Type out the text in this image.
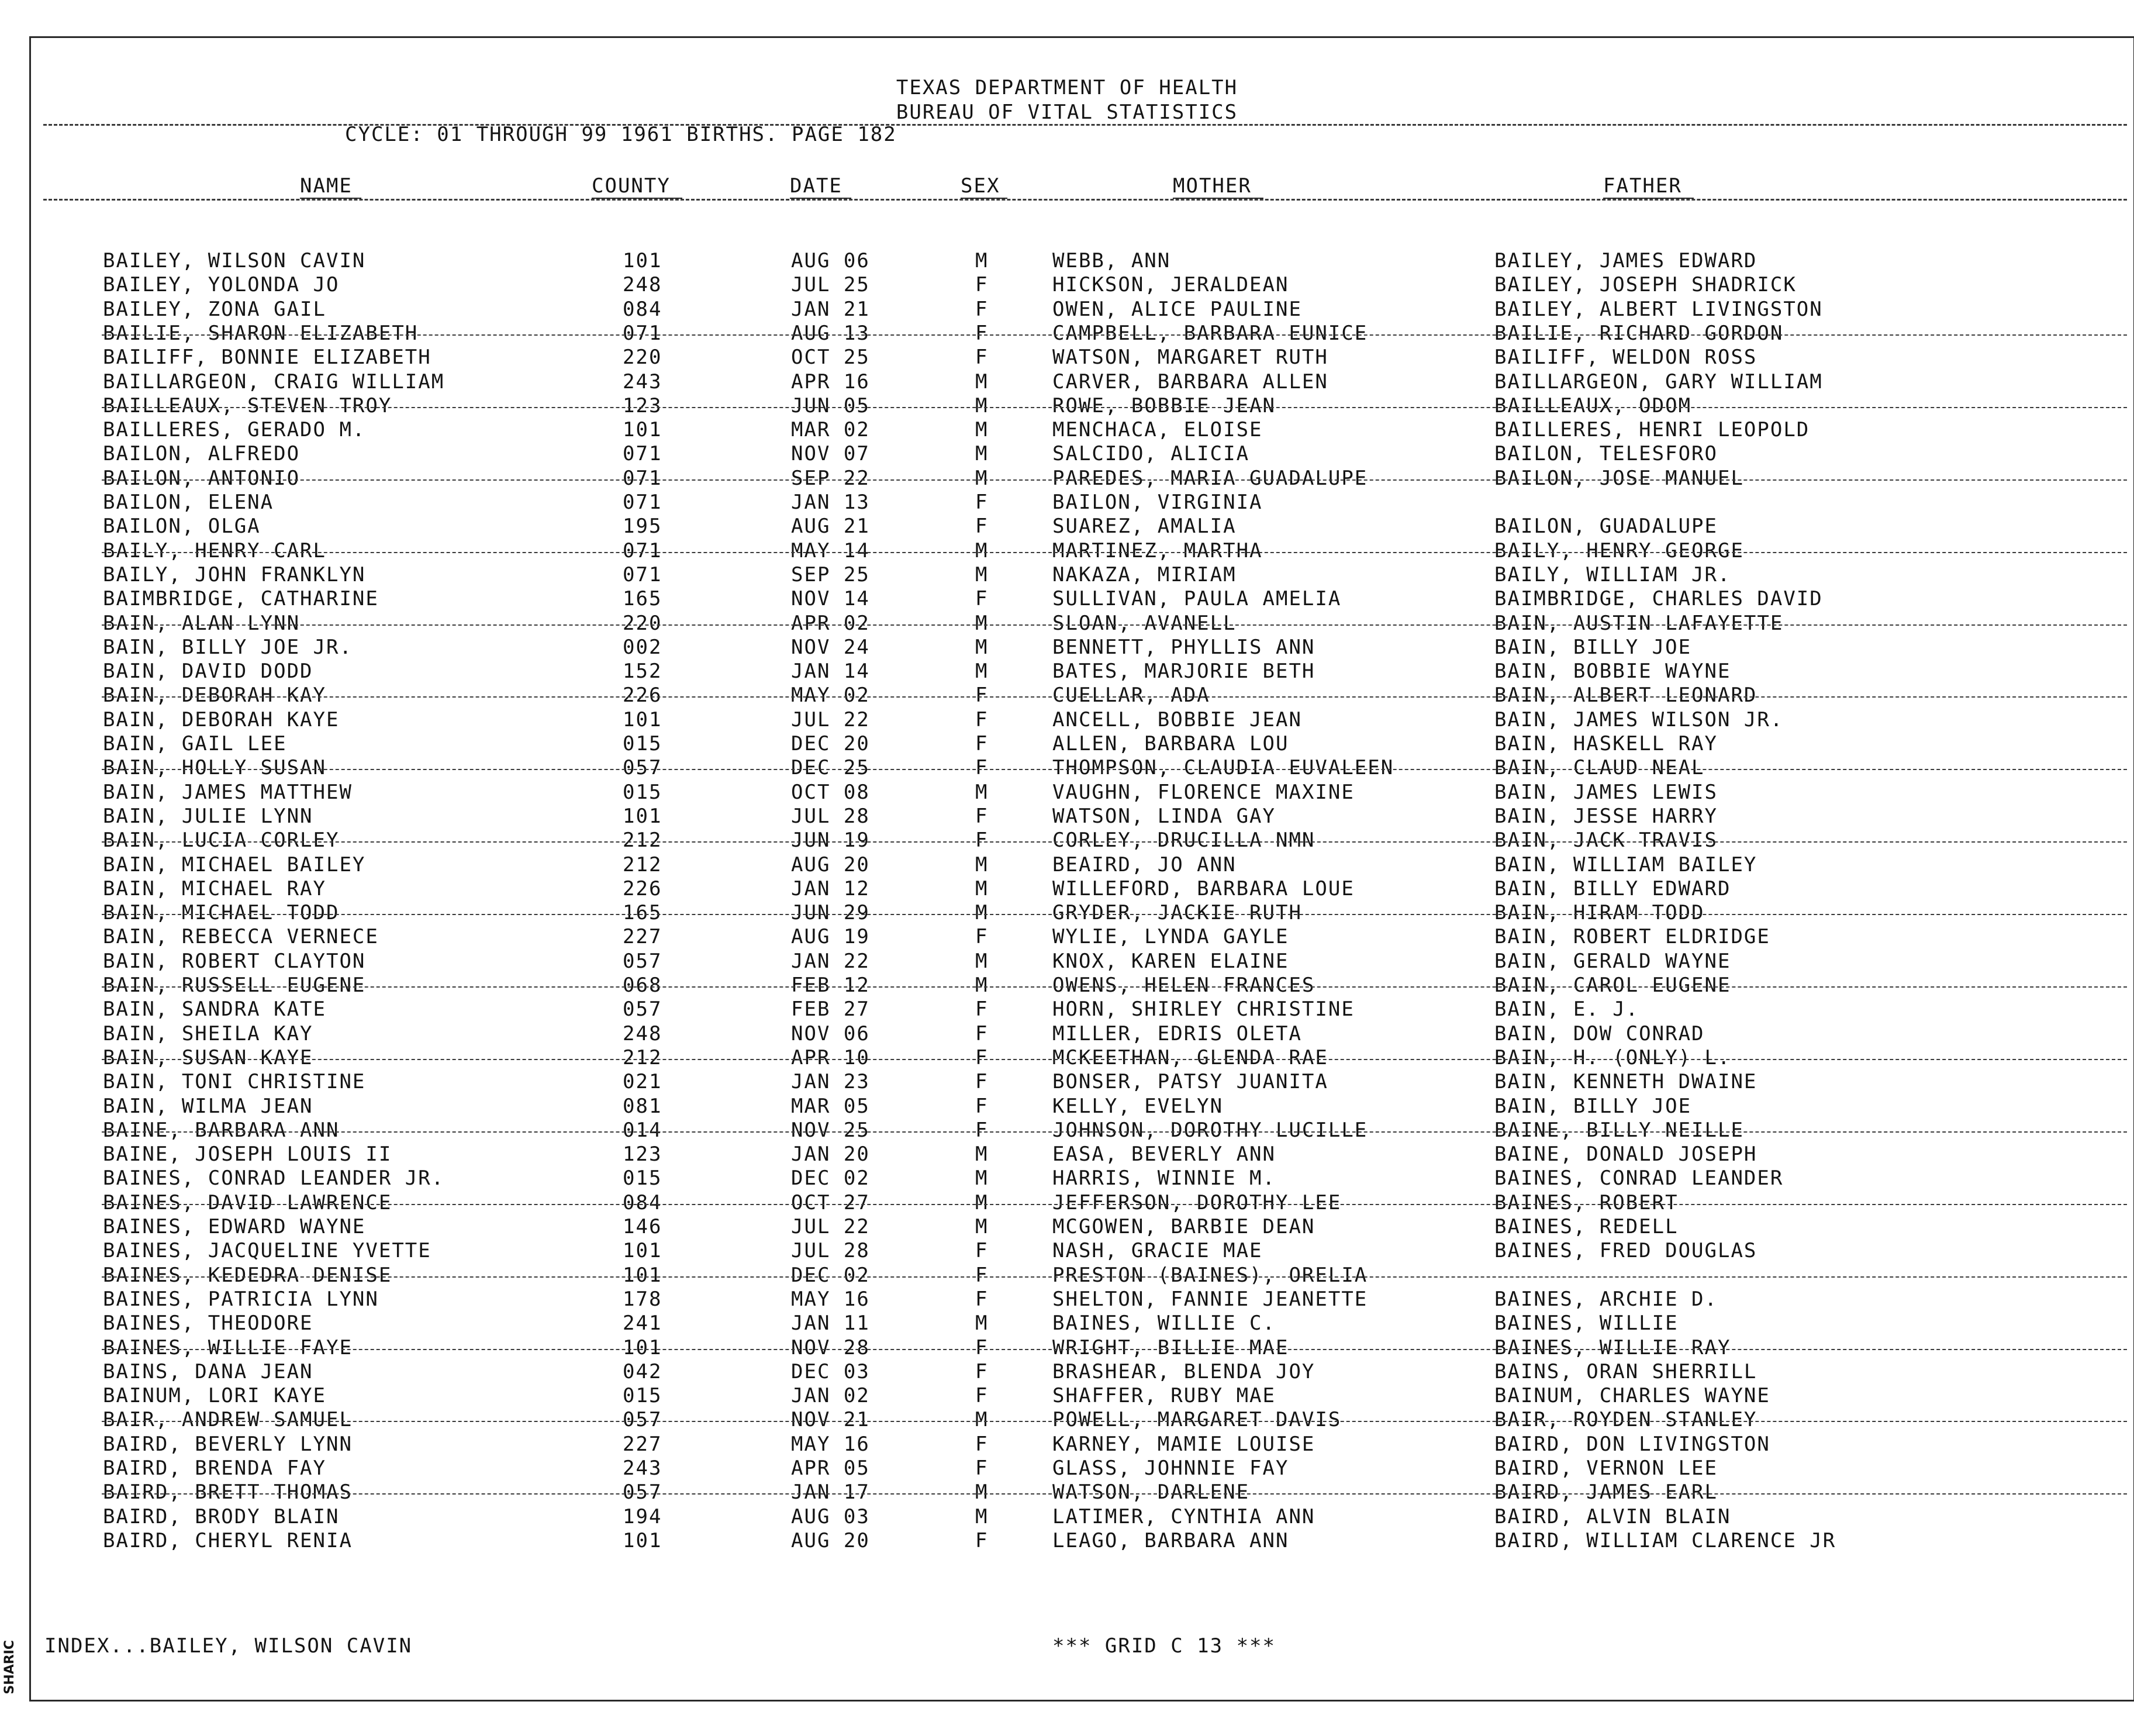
TEXAS DEPARTMENT OF HEALTH
BUREAU OF VITAL STATISTICS
CYCLE: 01 THROUGH 99 1961 BIRTHS. PAGE 182
NAME	COUNTY	DATE	SEX	MOTHER	FATHER
BAILEY, WILSON CAVIN	101	AUG 06	M	WEBB, ANN	BAILEY, JAMES EDWARD
BAILEY, YOLONDA JO	248	JUL 25	F	HICKSON, JERALDEAN	BAILEY, JOSEPH SHADRICK
BAILEY, ZONA GAIL	084	JAN 21	F	OWEN, ALICE PAULINE	BAILEY, ALBERT LIVINGSTON
BAILIE, SHARON ELIZABETH	071	AUG 13	F	CAMPBELL, BARBARA EUNICE	BAILIE, RICHARD GORDON
BAILIFF, BONNIE ELIZABETH	220	OCT 25	F	WATSON, MARGARET RUTH	BAILIFF, WELDON ROSS
BAILLARGEON, CRAIG WILLIAM	243	APR 16	M	CARVER, BARBARA ALLEN	BAILLARGEON, GARY WILLIAM
BAILLEAUX, STEVEN TROY	123	JUN 05	M	ROWE, BOBBIE JEAN	BAILLEAUX, ODOM
BAILLERES, GERADO M.	101	MAR 02	M	MENCHACA, ELOISE	BAILLERES, HENRI LEOPOLD
BAILON, ALFREDO	071	NOV 07	M	SALCIDO, ALICIA	BAILON, TELESFORO
BAILON, ANTONIO	071	SEP 22	M	PAREDES, MARIA GUADALUPE	BAILON, JOSE MANUEL
BAILON, ELENA	071	JAN 13	F	BAILON, VIRGINIA
BAILON, OLGA	195	AUG 21	F	SUAREZ, AMALIA	BAILON, GUADALUPE
BAILY, HENRY CARL	071	MAY 14	M	MARTINEZ, MARTHA	BAILY, HENRY GEORGE
BAILY, JOHN FRANKLYN	071	SEP 25	M	NAKAZA, MIRIAM	BAILY, WILLIAM JR.
BAIMBRIDGE, CATHARINE	165	NOV 14	F	SULLIVAN, PAULA AMELIA	BAIMBRIDGE, CHARLES DAVID
BAIN, ALAN LYNN	220	APR 02	M	SLOAN, AVANELL	BAIN, AUSTIN LAFAYETTE
BAIN, BILLY JOE JR.	002	NOV 24	M	BENNETT, PHYLLIS ANN	BAIN, BILLY JOE
BAIN, DAVID DODD	152	JAN 14	M	BATES, MARJORIE BETH	BAIN, BOBBIE WAYNE
BAIN, DEBORAH KAY	226	MAY 02	F	CUELLAR, ADA	BAIN, ALBERT LEONARD
BAIN, DEBORAH KAYE	101	JUL 22	F	ANCELL, BOBBIE JEAN	BAIN, JAMES WILSON JR.
BAIN, GAIL LEE	015	DEC 20	F	ALLEN, BARBARA LOU	BAIN, HASKELL RAY
BAIN, HOLLY SUSAN	057	DEC 25	F	THOMPSON, CLAUDIA EUVALEEN	BAIN, CLAUD NEAL
BAIN, JAMES MATTHEW	015	OCT 08	M	VAUGHN, FLORENCE MAXINE	BAIN, JAMES LEWIS
BAIN, JULIE LYNN	101	JUL 28	F	WATSON, LINDA GAY	BAIN, JESSE HARRY
BAIN, LUCIA CORLEY	212	JUN 19	F	CORLEY, DRUCILLA NMN	BAIN, JACK TRAVIS
BAIN, MICHAEL BAILEY	212	AUG 20	M	BEAIRD, JO ANN	BAIN, WILLIAM BAILEY
BAIN, MICHAEL RAY	226	JAN 12	M	WILLEFORD, BARBARA LOUE	BAIN, BILLY EDWARD
BAIN, MICHAEL TODD	165	JUN 29	M	GRYDER, JACKIE RUTH	BAIN, HIRAM TODD
BAIN, REBECCA VERNECE	227	AUG 19	F	WYLIE, LYNDA GAYLE	BAIN, ROBERT ELDRIDGE
BAIN, ROBERT CLAYTON	057	JAN 22	M	KNOX, KAREN ELAINE	BAIN, GERALD WAYNE
BAIN, RUSSELL EUGENE	068	FEB 12	M	OWENS, HELEN FRANCES	BAIN, CAROL EUGENE
BAIN, SANDRA KATE	057	FEB 27	F	HORN, SHIRLEY CHRISTINE	BAIN, E. J.
BAIN, SHEILA KAY	248	NOV 06	F	MILLER, EDRIS OLETA	BAIN, DOW CONRAD
BAIN, SUSAN KAYE	212	APR 10	F	MCKEETHAN, GLENDA RAE	BAIN, H. (ONLY) L.
BAIN, TONI CHRISTINE	021	JAN 23	F	BONSER, PATSY JUANITA	BAIN, KENNETH DWAINE
BAIN, WILMA JEAN	081	MAR 05	F	KELLY, EVELYN	BAIN, BILLY JOE
BAINE, BARBARA ANN	014	NOV 25	F	JOHNSON, DOROTHY LUCILLE	BAINE, BILLY NEILLE
BAINE, JOSEPH LOUIS II	123	JAN 20	M	EASA, BEVERLY ANN	BAINE, DONALD JOSEPH
BAINES, CONRAD LEANDER JR.	015	DEC 02	M	HARRIS, WINNIE M.	BAINES, CONRAD LEANDER
BAINES, DAVID LAWRENCE	084	OCT 27	M	JEFFERSON, DOROTHY LEE	BAINES, ROBERT
BAINES, EDWARD WAYNE	146	JUL 22	M	MCGOWEN, BARBIE DEAN	BAINES, REDELL
BAINES, JACQUELINE YVETTE	101	JUL 28	F	NASH, GRACIE MAE	BAINES, FRED DOUGLAS
BAINES, KEDEDRA DENISE	101	DEC 02	F	PRESTON (BAINES), ORELIA
BAINES, PATRICIA LYNN	178	MAY 16	F	SHELTON, FANNIE JEANETTE	BAINES, ARCHIE D.
BAINES, THEODORE	241	JAN 11	M	BAINES, WILLIE C.	BAINES, WILLIE
BAINES, WILLIE FAYE	101	NOV 28	F	WRIGHT, BILLIE MAE	BAINES, WILLIE RAY
BAINS, DANA JEAN	042	DEC 03	F	BRASHEAR, BLENDA JOY	BAINS, ORAN SHERRILL
BAINUM, LORI KAYE	015	JAN 02	F	SHAFFER, RUBY MAE	BAINUM, CHARLES WAYNE
BAIR, ANDREW SAMUEL	057	NOV 21	M	POWELL, MARGARET DAVIS	BAIR, ROYDEN STANLEY
BAIRD, BEVERLY LYNN	227	MAY 16	F	KARNEY, MAMIE LOUISE	BAIRD, DON LIVINGSTON
BAIRD, BRENDA FAY	243	APR 05	F	GLASS, JOHNNIE FAY	BAIRD, VERNON LEE
BAIRD, BRETT THOMAS	057	JAN 17	M	WATSON, DARLENE	BAIRD, JAMES EARL
BAIRD, BRODY BLAIN	194	AUG 03	M	LATIMER, CYNTHIA ANN	BAIRD, ALVIN BLAIN
BAIRD, CHERYL RENIA	101	AUG 20	F	LEAGO, BARBARA ANN	BAIRD, WILLIAM CLARENCE JR
INDEX...BAILEY, WILSON CAVIN	*** GRID C 13 ***
SHARIC
